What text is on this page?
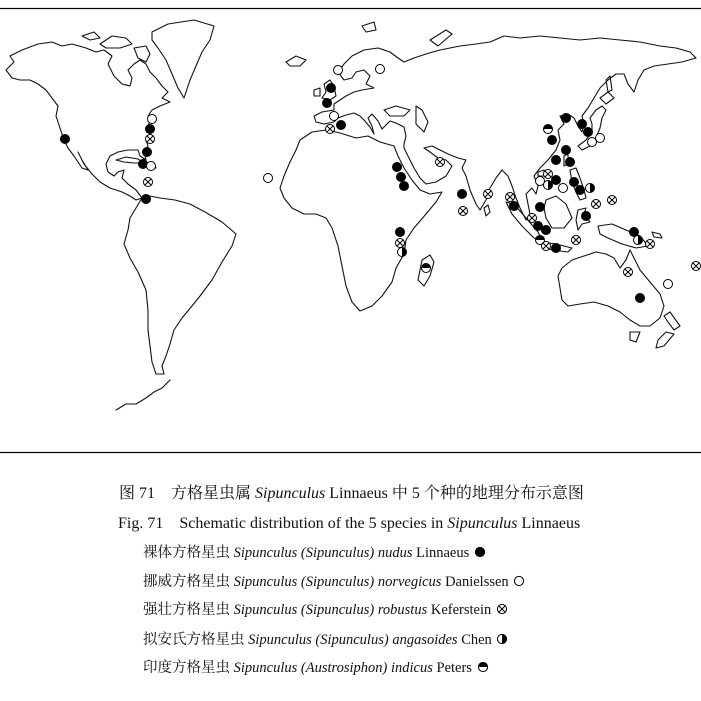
图 71 方格星虫属 Sipunculus Linnaeus 中 5 个种的地理分布示意图
Fig. 71 Schematic distribution of the 5 species in Sipunculus Linnaeus
裸体方格星虫 Sipunculus (Sipunculus) nudus Linnaeus
挪威方格星虫 Sipunculus (Sipunculus) norvegicus Danielssen
强壮方格星虫 Sipunculus (Sipunculus) robustus Keferstein
拟安氏方格星虫 Sipunculus (Sipunculus) angasoides Chen
印度方格星虫 Sipunculus (Austrosiphon) indicus Peters
